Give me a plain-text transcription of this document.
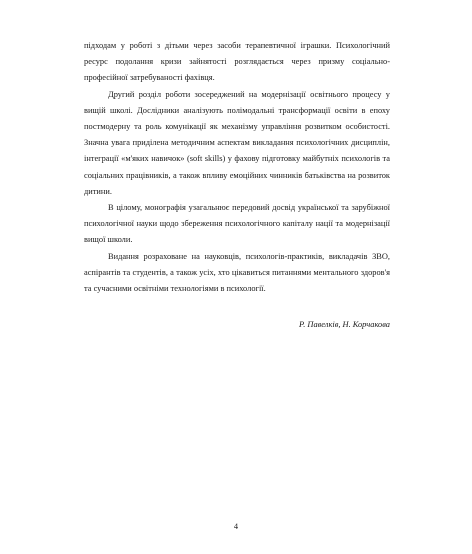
підходам у роботі з дітьми через засоби терапевтичної іграшки. Психологічний ресурс подолання кризи зайнятості розглядається через призму соціально-професійної затребуваності фахівця.

Другий розділ роботи зосереджений на модернізації освітнього процесу у вищій школі. Дослідники аналізують полімодальні трансформації освіти в епоху постмодерну та роль комунікації як механізму управління розвитком особистості. Значна увага приділена методичним аспектам викладання психологічних дисциплін, інтеграції «м'яких навичок» (soft skills) у фахову підготовку майбутніх психологів та соціальних працівників, а також впливу емоційних чинників батьківства на розвиток дитини.

В цілому, монографія узагальнює передовий досвід української та зарубіжної психологічної науки щодо збереження психологічного капіталу нації та модернізації вищої школи.

Видання розраховане на науковців, психологів-практиків, викладачів ЗВО, аспірантів та студентів, а також усіх, хто цікавиться питаннями ментального здоров'я та сучасними освітніми технологіями в психології.

Р. Павелків, Н. Корчакова

4
